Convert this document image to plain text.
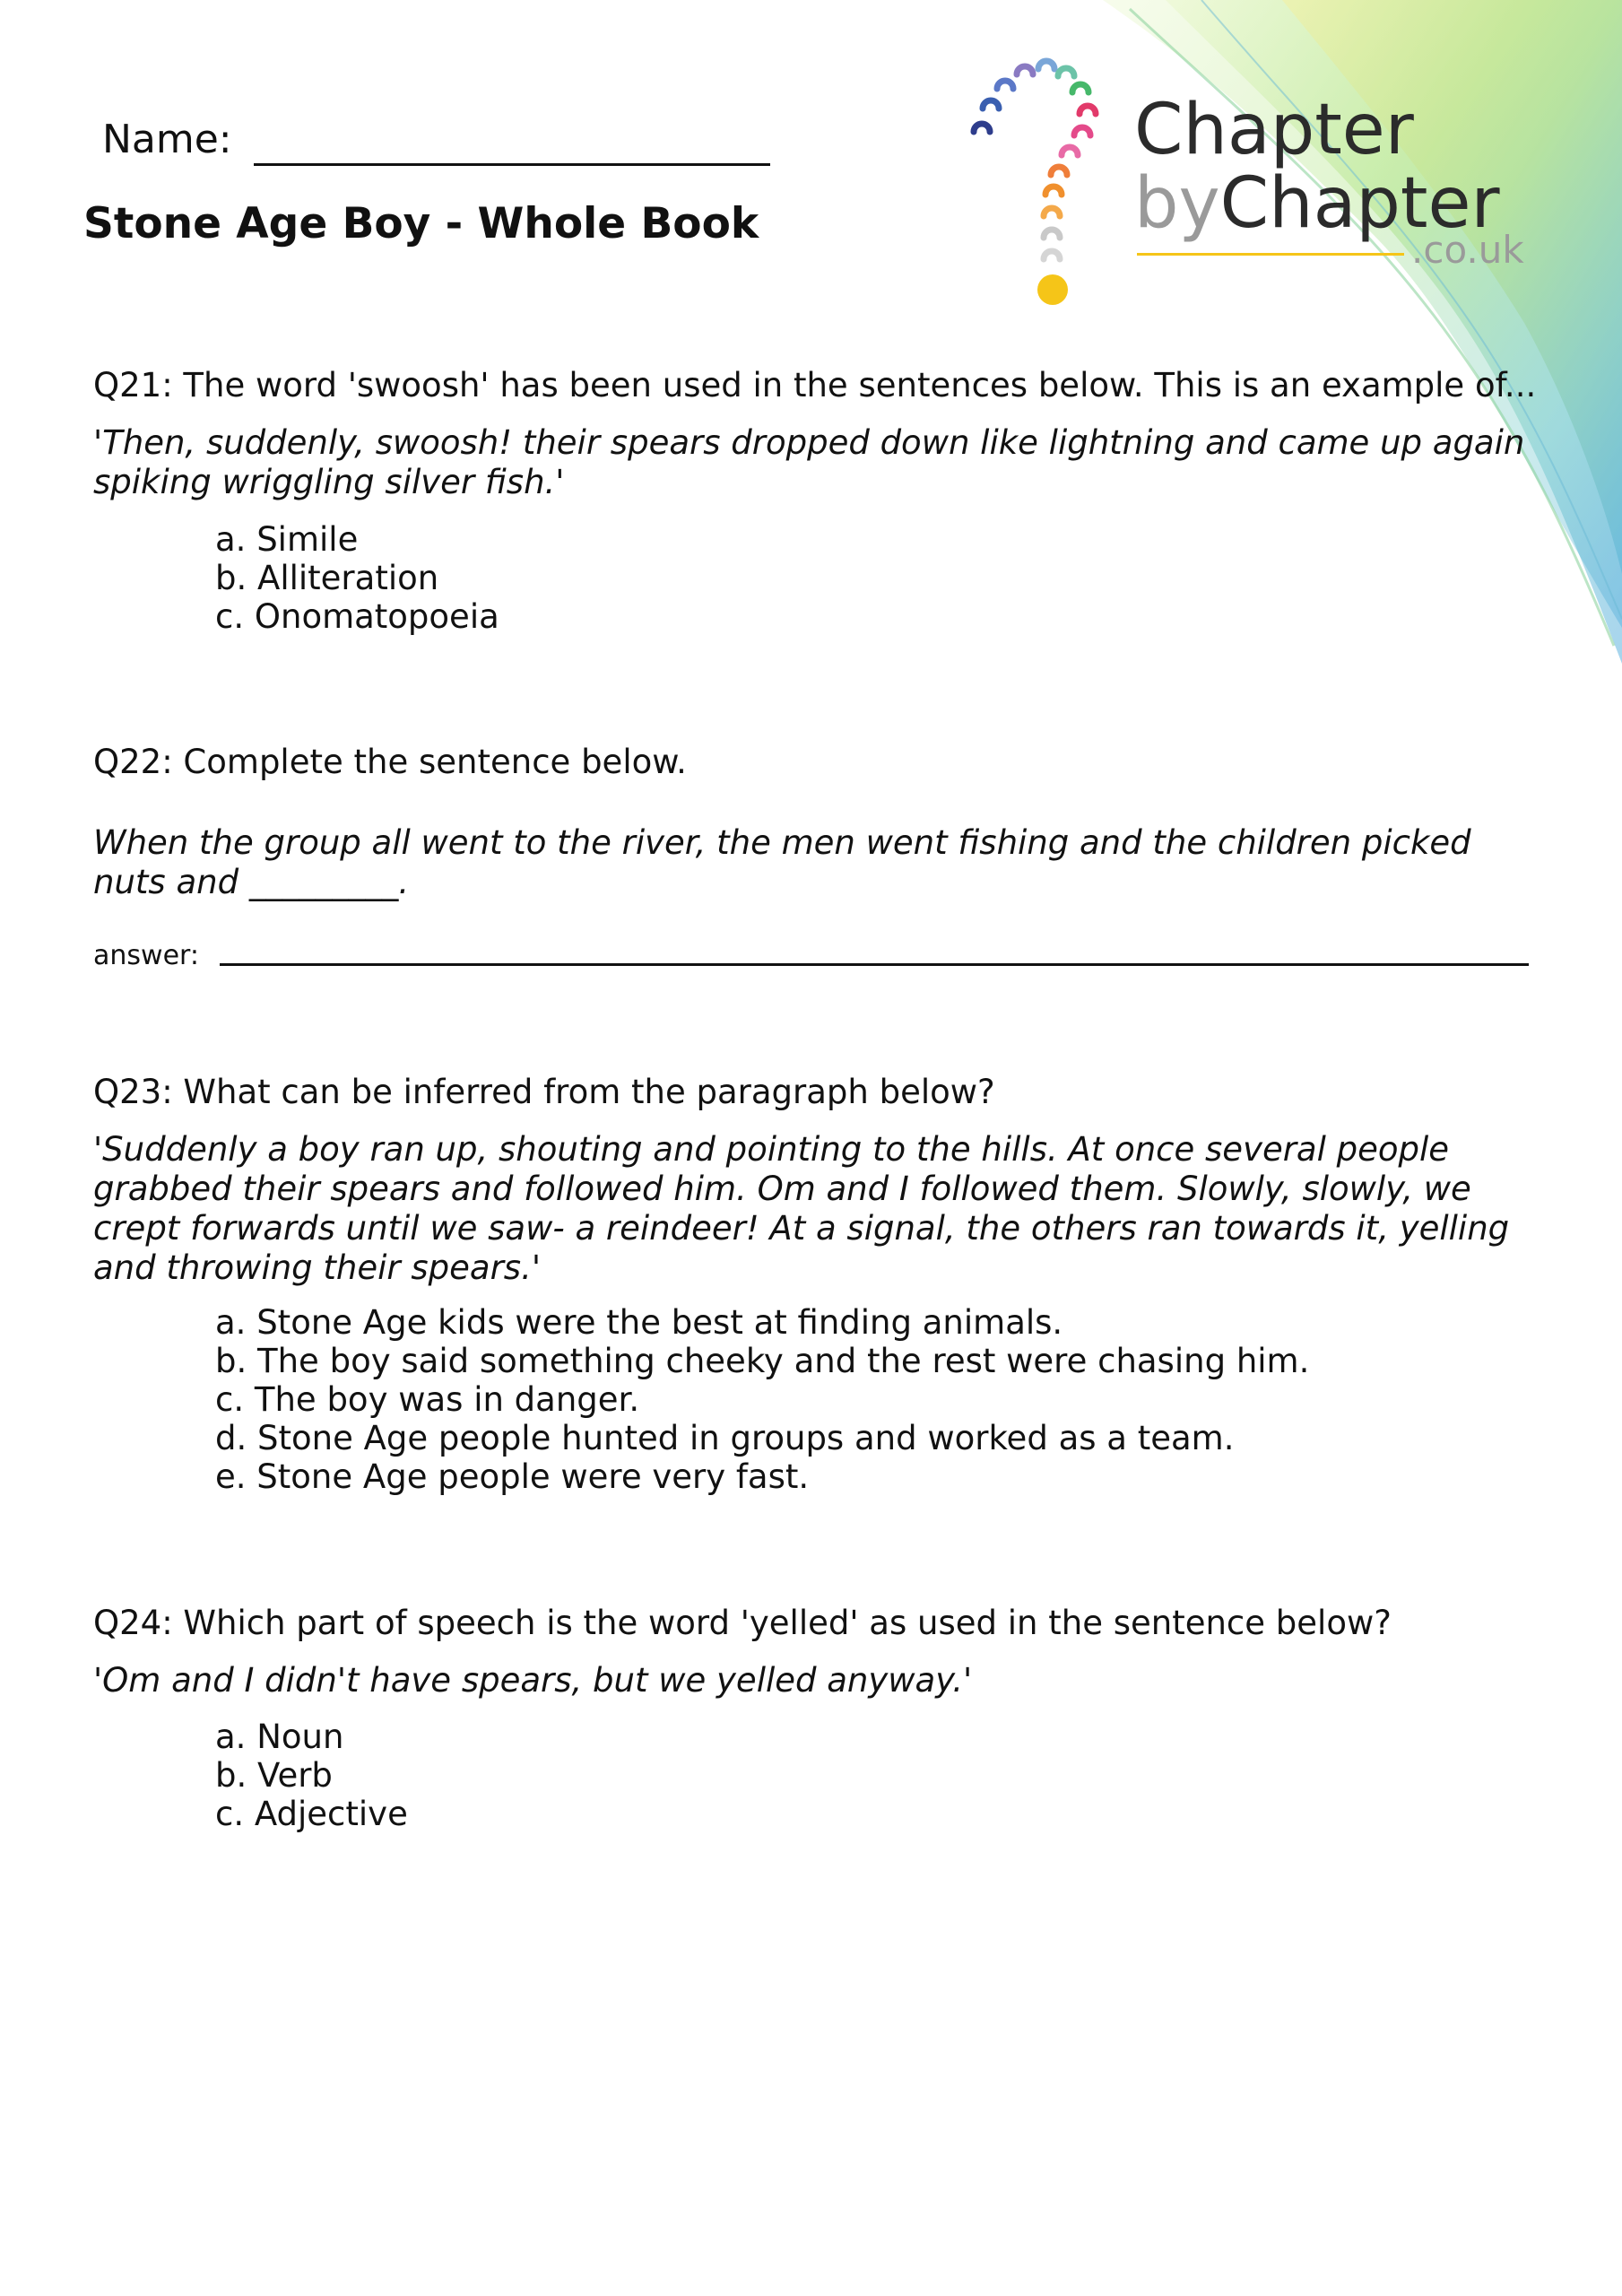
Chapter
byChapter
.co.uk
Name:
Stone Age Boy - Whole Book
Q21: The word 'swoosh' has been used in the sentences below. This is an example of...
'Then, suddenly, swoosh! their spears dropped down like lightning and came up again spiking wriggling silver fish.'
a. Simile
b. Alliteration
c. Onomatopoeia
Q22: Complete the sentence below.
When the group all went to the river, the men went fishing and the children picked nuts and _________.
answer:
Q23: What can be inferred from the paragraph below?
'Suddenly a boy ran up, shouting and pointing to the hills. At once several people grabbed their spears and followed him. Om and I followed them. Slowly, slowly, we crept forwards until we saw- a reindeer! At a signal, the others ran towards it, yelling and throwing their spears.'
a. Stone Age kids were the best at finding animals.
b. The boy said something cheeky and the rest were chasing him.
c. The boy was in danger.
d. Stone Age people hunted in groups and worked as a team.
e. Stone Age people were very fast.
Q24: Which part of speech is the word 'yelled' as used in the sentence below?
'Om and I didn't have spears, but we yelled anyway.'
a. Noun
b. Verb
c. Adjective
